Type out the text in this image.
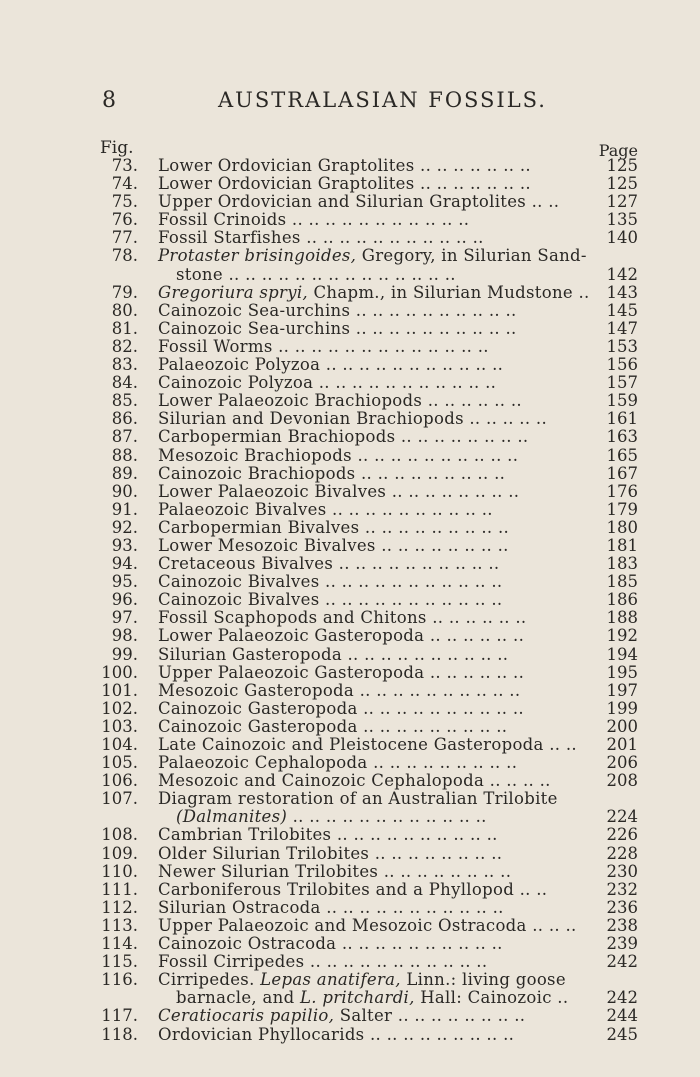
8	AUSTRALASIAN FOSSILS.
Fig.	Page
73. Lower Ordovician Graptolites .. .. .. .. .. .. ..	125
74. Lower Ordovician Graptolites .. .. .. .. .. .. ..	125
75. Upper Ordovician and Silurian Graptolites .. ..	127
76. Fossil Crinoids .. .. .. .. .. .. .. .. .. .. ..	135
77. Fossil Starfishes .. .. .. .. .. .. .. .. .. .. ..	140
78. Protaster brisingoides, Gregory, in Silurian Sand-
stone .. .. .. .. .. .. .. .. .. .. .. .. .. ..	142
79. Gregoriura spryi, Chapm., in Silurian Mudstone .. 143
80. Cainozoic Sea-urchins .. .. .. .. .. .. .. .. .. ..	145
81. Cainozoic Sea-urchins .. .. .. .. .. .. .. .. .. ..	147
82. Fossil Worms .. .. .. .. .. .. .. .. .. .. .. .. ..	153
83. Palaeozoic Polyzoa .. .. .. .. .. .. .. .. .. .. ..	156
84. Cainozoic Polyzoa .. .. .. .. .. .. .. .. .. .. ..	157
85. Lower Palaeozoic Brachiopods .. .. .. .. .. ..	159
86. Silurian and Devonian Brachiopods .. .. .. .. ..	161
87. Carbopermian Brachiopods .. .. .. .. .. .. .. ..	163
88. Mesozoic Brachiopods .. .. .. .. .. .. .. .. .. ..	165
89. Cainozoic Brachiopods .. .. .. .. .. .. .. .. ..	167
90. Lower Palaeozoic Bivalves .. .. .. .. .. .. .. ..	176
91. Palaeozoic Bivalves .. .. .. .. .. .. .. .. .. ..	179
92. Carbopermian Bivalves .. .. .. .. .. .. .. .. ..	180
93. Lower Mesozoic Bivalves .. .. .. .. .. .. .. ..	181
94. Cretaceous Bivalves .. .. .. .. .. .. .. .. .. ..	183
95. Cainozoic Bivalves .. .. .. .. .. .. .. .. .. .. ..	185
96. Cainozoic Bivalves .. .. .. .. .. .. .. .. .. .. ..	186
97. Fossil Scaphopods and Chitons .. .. .. .. .. ..	188
98. Lower Palaeozoic Gasteropoda .. .. .. .. .. ..	192
99. Silurian Gasteropoda .. .. .. .. .. .. .. .. .. ..	194
100. Upper Palaeozoic Gasteropoda .. .. .. .. .. ..	195
101. Mesozoic Gasteropoda .. .. .. .. .. .. .. .. .. ..	197
102. Cainozoic Gasteropoda .. .. .. .. .. .. .. .. .. ..	199
103. Cainozoic Gasteropoda .. .. .. .. .. .. .. .. ..	200
104. Late Cainozoic and Pleistocene Gasteropoda .. .. 201
105. Palaeozoic Cephalopoda .. .. .. .. .. .. .. .. ..	206
106. Mesozoic and Cainozoic Cephalopoda .. .. .. ..	208
107. Diagram restoration of an Australian Trilobite
(Dalmanites) .. .. .. .. .. .. .. .. .. .. .. ..	224
108. Cambrian Trilobites .. .. .. .. .. .. .. .. .. ..	226
109. Older Silurian Trilobites .. .. .. .. .. .. .. ..	228
110. Newer Silurian Trilobites .. .. .. .. .. .. .. ..	230
111. Carboniferous Trilobites and a Phyllopod .. ..	232
112. Silurian Ostracoda .. .. .. .. .. .. .. .. .. .. ..	236
113. Upper Palaeozoic and Mesozoic Ostracoda .. .. .. 238
114. Cainozoic Ostracoda .. .. .. .. .. .. .. .. .. ..	239
115. Fossil Cirripedes .. .. .. .. .. .. .. .. .. .. ..	242
116. Cirripedes. Lepas anatifera, Linn.: living goose
barnacle, and L. pritchardi, Hall: Cainozoic .. 242
117. Ceratiocaris papilio, Salter .. .. .. .. .. .. .. ..	244
118. Ordovician Phyllocarids .. .. .. .. .. .. .. .. ..	245
